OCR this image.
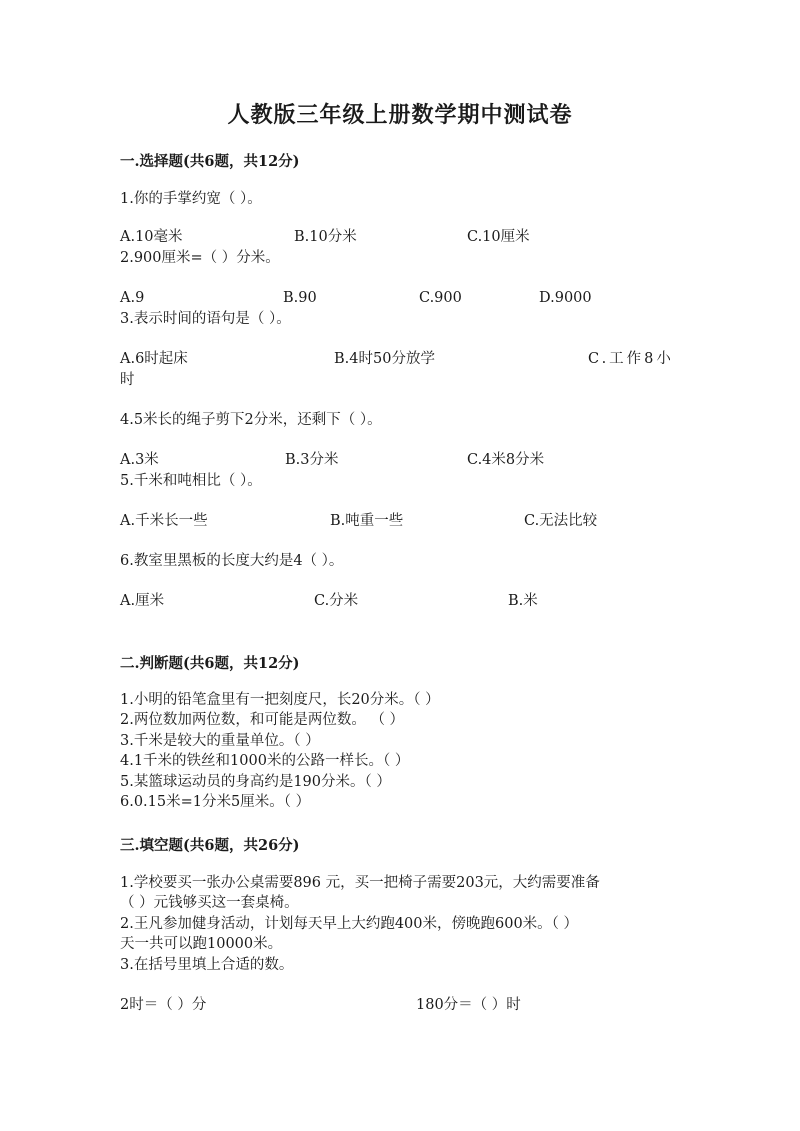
人教版三年级上册数学期中测试卷
一.选择题(共6题，共12分)
1.你的手掌约宽（ ）。
A.10毫米	B.10分米	C.10厘米
2.900厘米=（ ）分米。
A.9	B.90	C.900	D.9000
3.表示时间的语句是（ ）。
A.6时起床	B.4时50分放学	C.工作8小
时
4.5米长的绳子剪下2分米，还剩下（ ）。
A.3米	B.3分米	C.4米8分米
5.千米和吨相比（ ）。
A.千米长一些	B.吨重一些	C.无法比较
6.教室里黑板的长度大约是4（ ）。
A.厘米	C.分米	B.米
二.判断题(共6题，共12分)
1.小明的铅笔盒里有一把刻度尺，长20分米。（ ）
2.两位数加两位数，和可能是两位数。 （ ）
3.千米是较大的重量单位。（ ）
4.1千米的铁丝和1000米的公路一样长。（ ）
5.某篮球运动员的身高约是190分米。（ ）
6.0.15米=1分米5厘米。（ ）
三.填空题(共6题，共26分)
1.学校要买一张办公桌需要896 元，买一把椅子需要203元，大约需要准备
（ ）元钱够买这一套桌椅。
2.王凡参加健身活动，计划每天早上大约跑400米，傍晚跑600米。（ ）
天一共可以跑10000米。
3.在括号里填上合适的数。
2时＝（ ）分	180分＝（ ）时
